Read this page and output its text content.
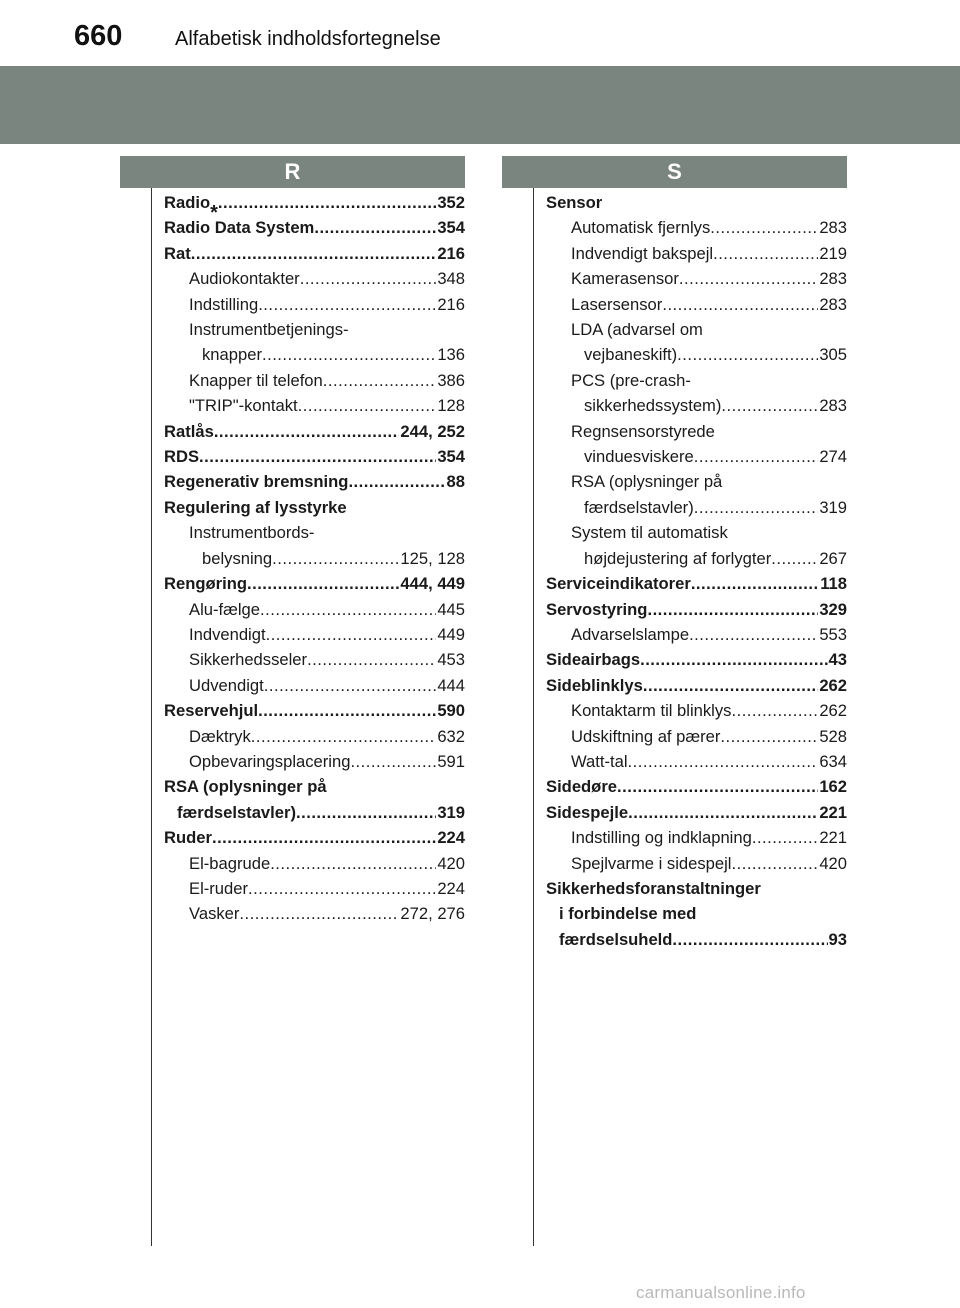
660	Alfabetisk indholdsfortegnelse
R
Radio* .....	352
Radio Data System .....	354
Rat .....	216
Audiokontakter .....	348
Indstilling .....	216
Instrumentbetjenings-
knapper .....	136
Knapper til telefon .....	386
"TRIP"-kontakt .....	128
Ratlås .....	244, 252
RDS .....	354
Regenerativ bremsning .....	88
Regulering af lysstyrke
Instrumentbords-
belysning .....	125, 128
Rengøring .....	444, 449
Alu-fælge .....	445
Indvendigt .....	449
Sikkerhedsseler .....	453
Udvendigt .....	444
Reservehjul .....	590
Dæktryk .....	632
Opbevaringsplacering .....	591
RSA (oplysninger på
færdselstavler) .....	319
Ruder .....	224
El-bagrude .....	420
El-ruder .....	224
Vasker .....	272, 276
S
Sensor
Automatisk fjernlys .....	283
Indvendigt bakspejl .....	219
Kamerasensor .....	283
Lasersensor .....	283
LDA (advarsel om
vejbaneskift) .....	305
PCS (pre-crash-
sikkerhedssystem) .....	283
Regnsensorstyrede
vinduesviskere .....	274
RSA (oplysninger på
færdselstavler) .....	319
System til automatisk
højdejustering af forlygter .....	267
Serviceindikatorer .....	118
Servostyring .....	329
Advarselslampe .....	553
Sideairbags .....	43
Sideblinklys .....	262
Kontaktarm til blinklys .....	262
Udskiftning af pærer .....	528
Watt-tal .....	634
Sidedøre .....	162
Sidespejle .....	221
Indstilling og indklapning .....	221
Spejlvarme i sidespejl .....	420
Sikkerhedsforanstaltninger
i forbindelse med
færdselsuheld .....	93
carmanualsonline.info
